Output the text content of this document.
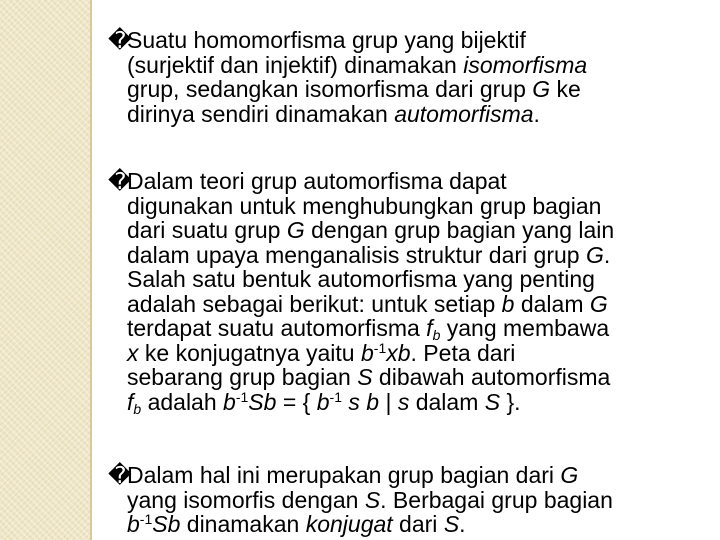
�Suatu homomorfisma grup yang bijektif
(surjektif dan injektif) dinamakan isomorfisma
grup, sedangkan isomorfisma dari grup G ke
dirinya sendiri dinamakan automorfisma.
�Dalam teori grup automorfisma dapat
digunakan untuk menghubungkan grup bagian
dari suatu grup G dengan grup bagian yang lain
dalam upaya menganalisis struktur dari grup G.
Salah satu bentuk automorfisma yang penting
adalah sebagai berikut: untuk setiap b dalam G
terdapat suatu automorfisma $f_b$ yang membawa
x ke konjugatnya yaitu $b^{-1}xb$. Peta dari
sebarang grup bagian S dibawah automorfisma
$f_b$ adalah $b^{-1}Sb$ = { $b^{-1}$ s b | s dalam S }.
�Dalam hal ini merupakan grup bagian dari G
yang isomorfis dengan S. Berbagai grup bagian
$b^{-1}Sb$ dinamakan konjugat dari S.
